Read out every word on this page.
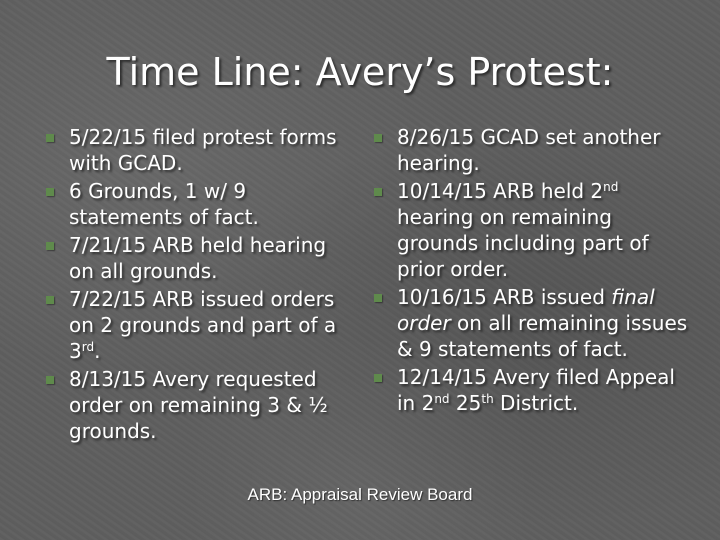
Time Line: Avery’s Protest:
5/22/15 filed protest forms with GCAD.
6 Grounds, 1 w/ 9 statements of fact.
7/21/15 ARB held hearing on all grounds.
7/22/15 ARB issued orders on 2 grounds and part of a 3rd.
8/13/15 Avery requested order on remaining 3 & ½ grounds.
8/26/15 GCAD set another hearing.
10/14/15 ARB held 2nd hearing on remaining grounds including part of prior order.
10/16/15 ARB issued final order on all remaining issues & 9 statements of fact.
12/14/15 Avery filed Appeal in 2nd 25th District.
ARB: Appraisal Review Board
